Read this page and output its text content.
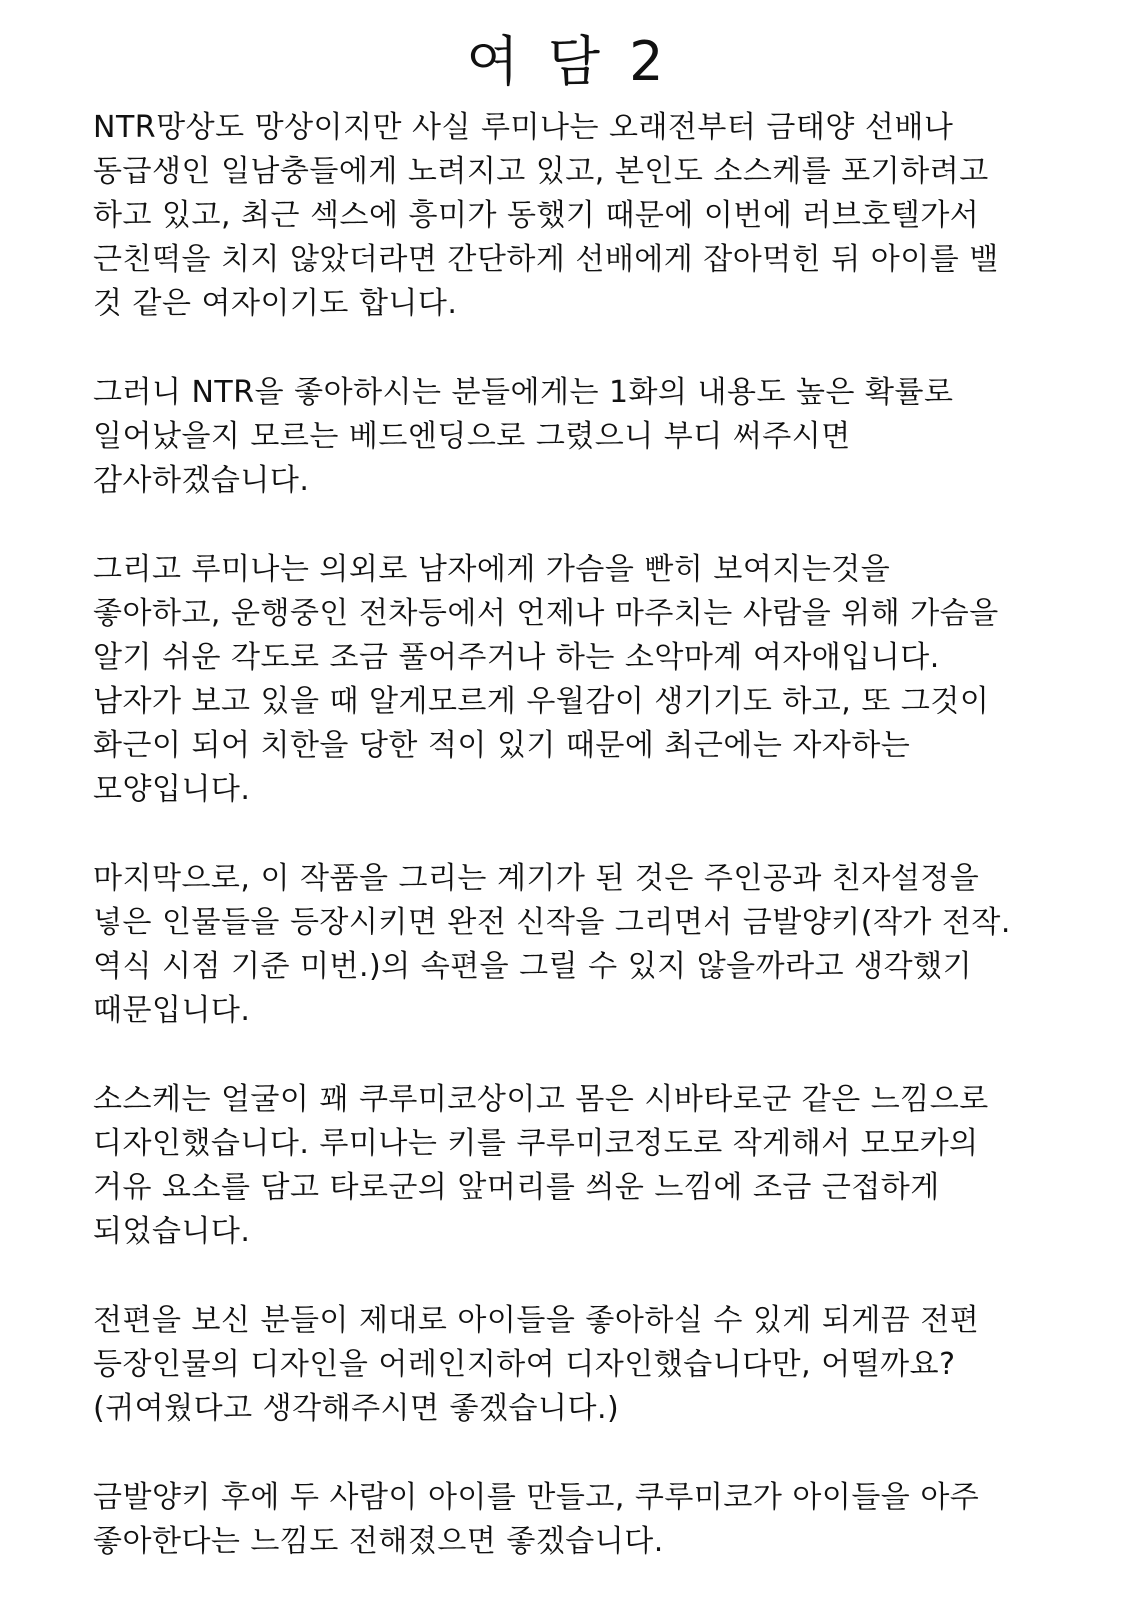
여 담 2
NTR망상도 망상이지만 사실 루미나는 오래전부터 금태양 선배나
동급생인 일남충들에게 노려지고 있고, 본인도 소스케를 포기하려고
하고 있고, 최근 섹스에 흥미가 동했기 때문에 이번에 러브호텔가서
근친떡을 치지 않았더라면 간단하게 선배에게 잡아먹힌 뒤 아이를 밸
것 같은 여자이기도 합니다.
그러니 NTR을 좋아하시는 분들에게는 1화의 내용도 높은 확률로
일어났을지 모르는 베드엔딩으로 그렸으니 부디 써주시면
감사하겠습니다.
그리고 루미나는 의외로 남자에게 가슴을 빤히 보여지는것을
좋아하고, 운행중인 전차등에서 언제나 마주치는 사람을 위해 가슴을
알기 쉬운 각도로 조금 풀어주거나 하는 소악마계 여자애입니다.
남자가 보고 있을 때 알게모르게 우월감이 생기기도 하고, 또 그것이
화근이 되어 치한을 당한 적이 있기 때문에 최근에는 자자하는
모양입니다.
마지막으로, 이 작품을 그리는 계기가 된 것은 주인공과 친자설정을
넣은 인물들을 등장시키면 완전 신작을 그리면서 금발양키(작가 전작.
역식 시점 기준 미번.)의 속편을 그릴 수 있지 않을까라고 생각했기
때문입니다.
소스케는 얼굴이 꽤 쿠루미코상이고 몸은 시바타로군 같은 느낌으로
디자인했습니다. 루미나는 키를 쿠루미코정도로 작게해서 모모카의
거유 요소를 담고 타로군의 앞머리를 씌운 느낌에 조금 근접하게
되었습니다.
전편을 보신 분들이 제대로 아이들을 좋아하실 수 있게 되게끔 전편
등장인물의 디자인을 어레인지하여 디자인했습니다만, 어떨까요?
(귀여웠다고 생각해주시면 좋겠습니다.)
금발양키 후에 두 사람이 아이를 만들고, 쿠루미코가 아이들을 아주
좋아한다는 느낌도 전해졌으면 좋겠습니다.
